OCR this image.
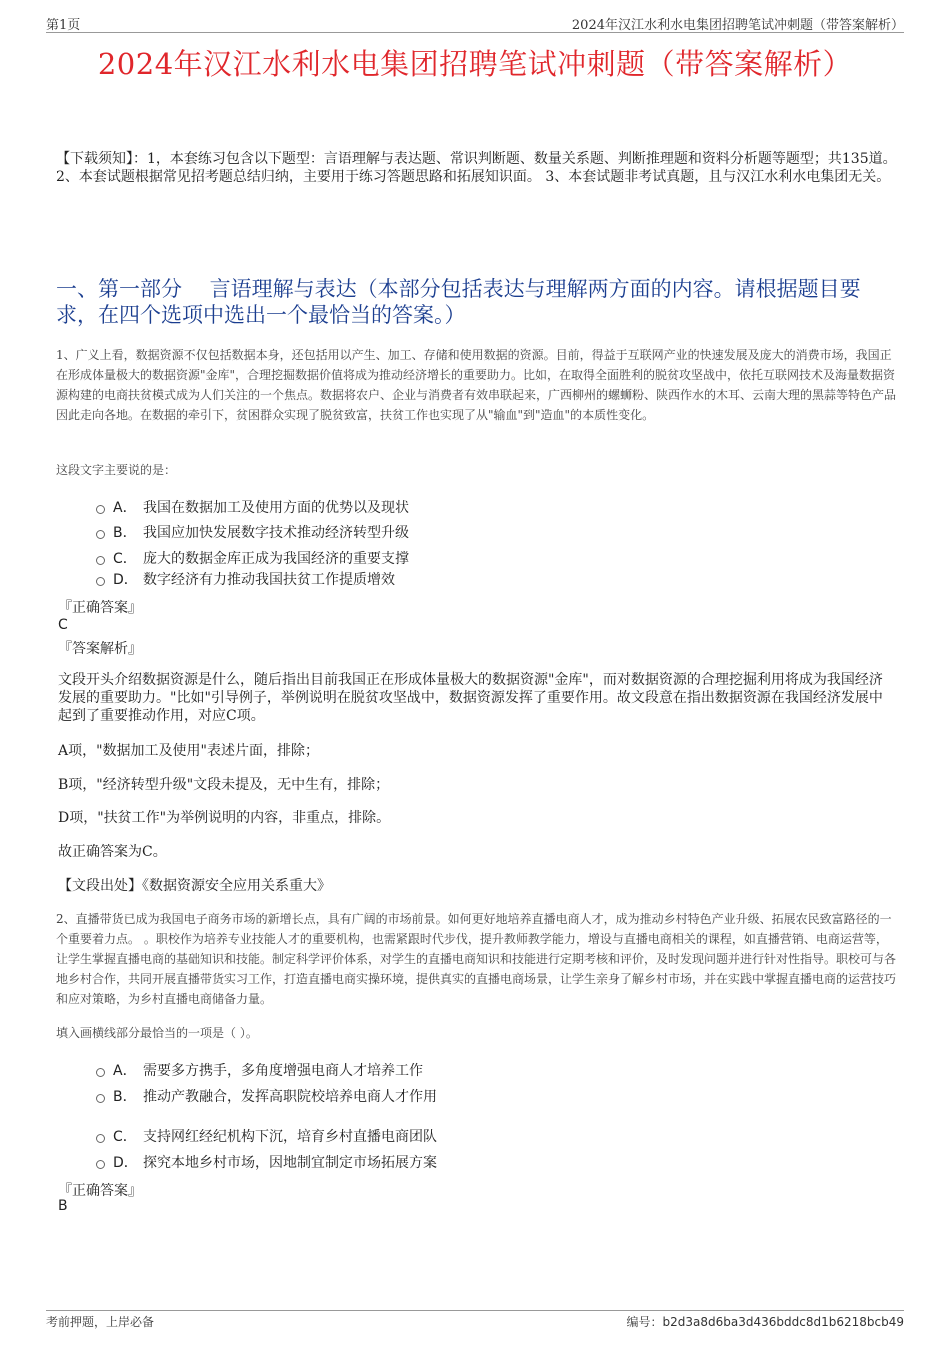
第1页	2024年汉江水利水电集团招聘笔试冲刺题（带答案解析）
2024年汉江水利水电集团招聘笔试冲刺题（带答案解析）
【下载须知】：1，本套练习包含以下题型：言语理解与表达题、常识判断题、数量关系题、判断推理题和资料分析题等题型；共135道。 2、本套试题根据常见招考题总结归纳，主要用于练习答题思路和拓展知识面。 3、本套试题非考试真题，且与汉江水利水电集团无关。
一、第一部分　 言语理解与表达（本部分包括表达与理解两方面的内容。请根据题目要求，在四个选项中选出一个最恰当的答案。）
1、广义上看，数据资源不仅包括数据本身，还包括用以产生、加工、存储和使用数据的资源。目前，得益于互联网产业的快速发展及庞大的消费市场，我国正在形成体量极大的数据资源"金库"，合理挖掘数据价值将成为推动经济增长的重要助力。比如，在取得全面胜利的脱贫攻坚战中，依托互联网技术及海量数据资源构建的电商扶贫模式成为人们关注的一个焦点。数据将农户、企业与消费者有效串联起来，广西柳州的螺蛳粉、陕西作水的木耳、云南大理的黑蒜等特色产品因此走向各地。在数据的牵引下，贫困群众实现了脱贫致富，扶贫工作也实现了从"输血"到"造血"的本质性变化。
这段文字主要说的是：
A． 我国在数据加工及使用方面的优势以及现状
B． 我国应加快发展数字技术推动经济转型升级
C． 庞大的数据金库正成为我国经济的重要支撑
D． 数字经济有力推动我国扶贫工作提质增效
『正确答案』
C
『答案解析』
文段开头介绍数据资源是什么，随后指出目前我国正在形成体量极大的数据资源"金库"，而对数据资源的合理挖掘利用将成为我国经济发展的重要助力。"比如"引导例子，举例说明在脱贫攻坚战中，数据资源发挥了重要作用。故文段意在指出数据资源在我国经济发展中起到了重要推动作用，对应C项。
A项，"数据加工及使用"表述片面，排除；
B项，"经济转型升级"文段未提及，无中生有，排除；
D项，"扶贫工作"为举例说明的内容，非重点，排除。
故正确答案为C。
【文段出处】《数据资源安全应用关系重大》
2、直播带货已成为我国电子商务市场的新增长点，具有广阔的市场前景。如何更好地培养直播电商人才，成为推动乡村特色产业升级、拓展农民致富路径的一个重要着力点。 。职校作为培养专业技能人才的重要机构，也需紧跟时代步伐，提升教师教学能力，增设与直播电商相关的课程，如直播营销、电商运营等，让学生掌握直播电商的基础知识和技能。制定科学评价体系，对学生的直播电商知识和技能进行定期考核和评价，及时发现问题并进行针对性指导。职校可与各地乡村合作，共同开展直播带货实习工作，打造直播电商实操环境，提供真实的直播电商场景，让学生亲身了解乡村市场，并在实践中掌握直播电商的运营技巧和应对策略，为乡村直播电商储备力量。
填入画横线部分最恰当的一项是（ ）。
A． 需要多方携手，多角度增强电商人才培养工作
B． 推动产教融合，发挥高职院校培养电商人才作用
C． 支持网红经纪机构下沉，培育乡村直播电商团队
D． 探究本地乡村市场，因地制宜制定市场拓展方案
『正确答案』
B
考前押题，上岸必备	编号：b2d3a8d6ba3d436bddc8d1b6218bcb49
